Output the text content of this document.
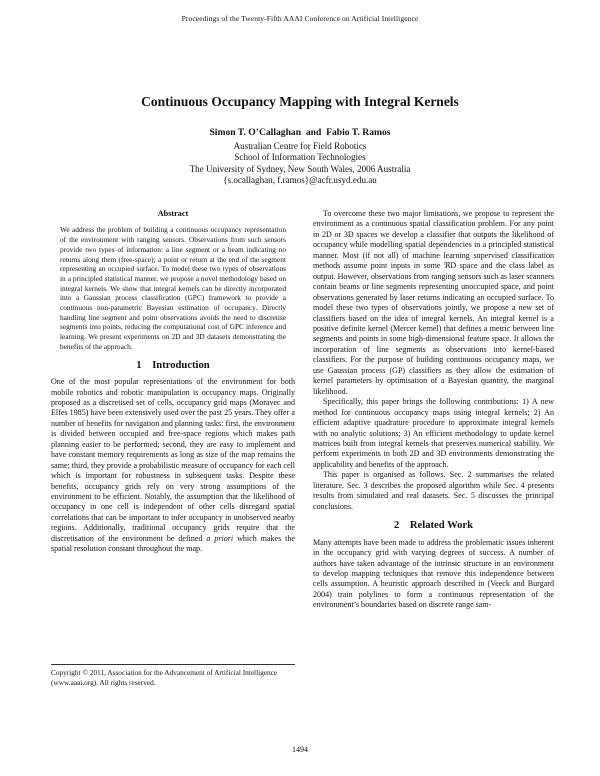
Proceedings of the Twenty-Fifth AAAI Conference on Artificial Intelligence
Continuous Occupancy Mapping with Integral Kernels
Simon T. O’Callaghan  and  Fabio T. Ramos
Australian Centre for Field Robotics
School of Information Technologies
The University of Sydney, New South Wales, 2006 Australia
{s.ocallaghan, f.ramos}@acfr.usyd.edu.au
Abstract
We address the problem of building a continuous occupancy representation of the environment with ranging sensors. Observations from such sensors provide two types of information: a line segment or a beam indicating no returns along them (free-space); a point or return at the end of the segment representing an occupied surface. To model these two types of observations in a principled statistical manner, we propose a novel methodology based on integral kernels. We show that integral kernels can be directly incorporated into a Gaussian process classification (GPC) framework to provide a continuous non-parametric Bayesian estimation of occupancy. Directly handling line segment and point observations avoids the need to discretise segments into points, reducing the computational cost of GPC inference and learning. We present experiments on 2D and 3D datasets demonstrating the benefits of the approach.
1    Introduction

One of the most popular representations of the environment for both mobile robotics and robotic manipulation is occupancy maps. Originally proposed as a discretised set of cells, occupancy grid maps (Moravec and Elfes 1985) have been extensively used over the past 25 years. They offer a number of benefits for navigation and planning tasks: first, the environment is divided between occupied and free-space regions which makes path planning easier to be performed; second, they are easy to implement and have constant memory requirements as long as size of the map remains the same; third, they provide a probabilistic measure of occupancy for each cell which is important for robustness in subsequent tasks. Despite these benefits, occupancy grids rely on very strong assumptions of the environment to be efficient. Notably, the assumption that the likelihood of occupancy in one cell is independent of other cells disregard spatial correlations that can be important to infer occupancy in unobserved nearby regions. Additionally, traditional occupancy grids require that the discretisation of the environment be defined a priori which makes the spatial resolution constant throughout the map.

Copyright © 2011, Association for the Advancement of Artificial Intelligence (www.aaai.org). All rights reserved.

To overcome these two major limitations, we propose to represent the environment as a continuous spatial classification problem. For any point in 2D or 3D spaces we develop a classifier that outputs the likelihood of occupancy while modelling spatial dependencies in a principled statistical manner. Most (if not all) of machine learning supervised classification methods assume point inputs in some ℜD space and the class label as output. However, observations from ranging sensors such as laser scanners contain beams or line segments representing unoccupied space, and point observations generated by laser returns indicating an occupied surface. To model these two types of observations jointly, we propose a new set of classifiers based on the idea of integral kernels. An integral kernel is a positive definite kernel (Mercer kernel) that defines a metric between line segments and points in some high-dimensional feature space. It allows the incorporation of line segments as observations into kernel-based classifiers. For the purpose of building continuous occupancy maps, we use Gaussian process (GP) classifiers as they allow the estimation of kernel parameters by optimisation of a Bayesian quantity, the marginal likelihood.

Specifically, this paper brings the following contributions: 1) A new method for continuous occupancy maps using integral kernels; 2) An efficient adaptive quadrature procedure to approximate integral kernels with no analytic solutions; 3) An efficient methodology to update kernel matrices built from integral kernels that preserves numerical stability. We perform experiments in both 2D and 3D environments demonstrating the applicability and benefits of the approach.

This paper is organised as follows. Sec. 2 summarises the related literature. Sec. 3 describes the proposed algorithm while Sec. 4 presents results from simulated and real datasets. Sec. 5 discusses the principal conclusions.

2    Related Work

Many attempts have been made to address the problematic issues inherent in the occupancy grid with varying degrees of success. A number of authors have taken advantage of the intrinsic structure in an environment to develop mapping techniques that remove this independence between cells assumption. A heuristic approach described in (Veeck and Burgard 2004) train polylines to form a continuous representation of the environment’s boundaries based on discrete range sam-

1494
